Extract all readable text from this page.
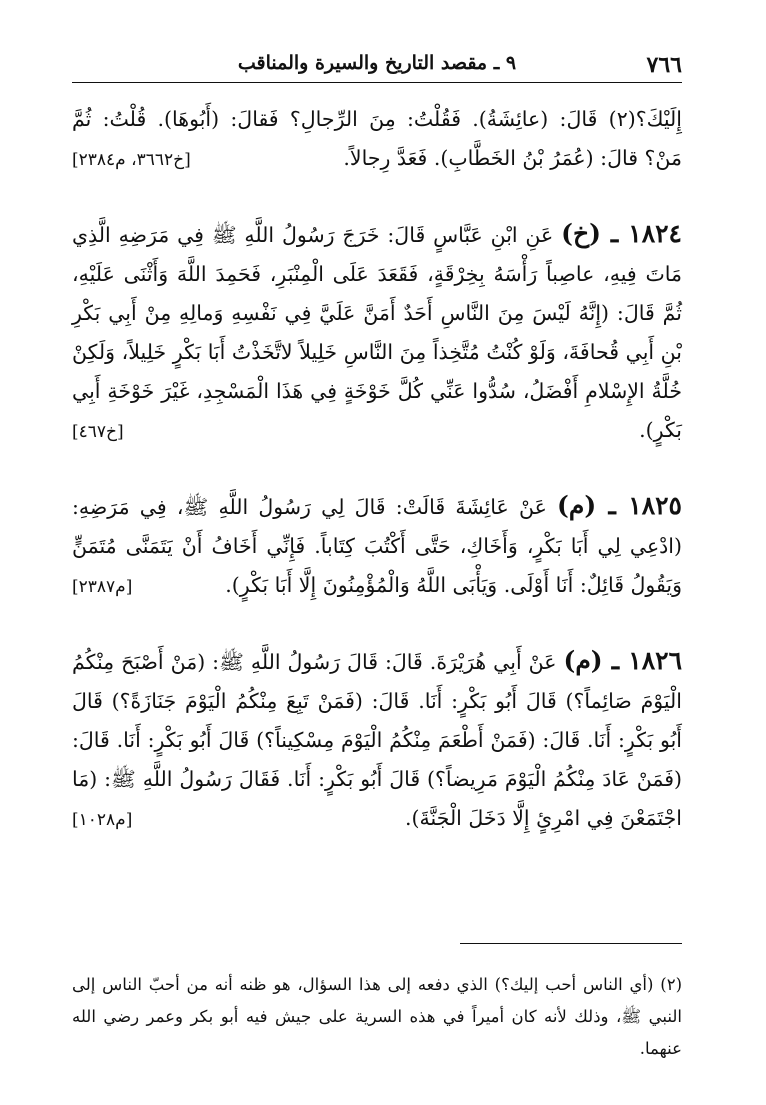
٧٦٦
٩ ـ مقصد التاريخ والسيرة والمناقب

إِلَيْكَ؟(٢) قَالَ: (عائِشَةُ). فَقُلْتُ: مِنَ الرِّجالِ؟ فَقالَ: (أَبُوهَا). قُلْتُ: ثُمَّ مَنْ؟ قالَ: (عُمَرُ بْنُ الخَطَّابِ). فَعَدَّ رِجالاً.
[خ٣٦٦٢، م٢٣٨٤]

١٨٢٤ ـ (خ) عَنِ ابْنِ عَبَّاسٍ قَالَ: خَرَجَ رَسُولُ اللَّهِ ﷺ فِي مَرَضِهِ الَّذِي مَاتَ فِيهِ، عاصِباً رَأْسَهُ بِخِرْقَةٍ، فَقَعَدَ عَلَى الْمِنْبَرِ، فَحَمِدَ اللَّهَ وَأَثْنَى عَلَيْهِ، ثُمَّ قَالَ: (إِنَّهُ لَيْسَ مِنَ النَّاسِ أَحَدٌ أَمَنَّ عَلَيَّ فِي نَفْسِهِ وَمالِهِ مِنْ أَبِي بَكْرِ بْنِ أَبِي قُحافَةَ، وَلَوْ كُنْتُ مُتَّخِذاً مِنَ النَّاسِ خَلِيلاً لاتَّخَذْتُ أَبَا بَكْرٍ خَلِيلاً، وَلَكِنْ خُلَّةُ الإِسْلامِ أَفْضَلُ، سُدُّوا عَنِّي كُلَّ خَوْخَةٍ فِي هَذَا الْمَسْجِدِ، غَيْرَ خَوْخَةِ أَبِي بَكْرٍ).
[خ٤٦٧]

١٨٢٥ ـ (م) عَنْ عَائِشَةَ قَالَتْ: قَالَ لِي رَسُولُ اللَّهِ ﷺ، فِي مَرَضِهِ: (ادْعِي لِي أَبَا بَكْرٍ، وَأَخَاكِ، حَتَّى أَكْتُبَ كِتَاباً. فَإِنِّي أَخَافُ أَنْ يَتَمَنَّى مُتَمَنٍّ وَيَقُولُ قَائِلٌ: أَنَا أَوْلَى. وَيَأْبَى اللَّهُ وَالْمُؤْمِنُونَ إِلَّا أَبَا بَكْرٍ).
[م٢٣٨٧]

١٨٢٦ ـ (م) عَنْ أَبِي هُرَيْرَةَ. قَالَ: قَالَ رَسُولُ اللَّهِ ﷺ: (مَنْ أَصْبَحَ مِنْكُمُ الْيَوْمَ صَائِماً؟) قَالَ أَبُو بَكْرٍ: أَنَا. قَالَ: (فَمَنْ تَبِعَ مِنْكُمُ الْيَوْمَ جَنَازَةً؟) قَالَ أَبُو بَكْرٍ: أَنَا. قَالَ: (فَمَنْ أَطْعَمَ مِنْكُمُ الْيَوْمَ مِسْكِيناً؟) قَالَ أَبُو بَكْرٍ: أَنَا. قَالَ: (فَمَنْ عَادَ مِنْكُمُ الْيَوْمَ مَرِيضاً؟) قَالَ أَبُو بَكْرٍ: أَنَا. فَقَالَ رَسُولُ اللَّهِ ﷺ: (مَا اجْتَمَعْنَ فِي امْرِئٍ إِلَّا دَخَلَ الْجَنَّةَ).
[م١٠٢٨]

(٢) (أي الناس أحب إليك؟) الذي دفعه إلى هذا السؤال، هو ظنه أنه من أحبّ الناس إلى النبي ﷺ، وذلك لأنه كان أميراً في هذه السرية على جيش فيه أبو بكر وعمر رضي الله عنهما.
